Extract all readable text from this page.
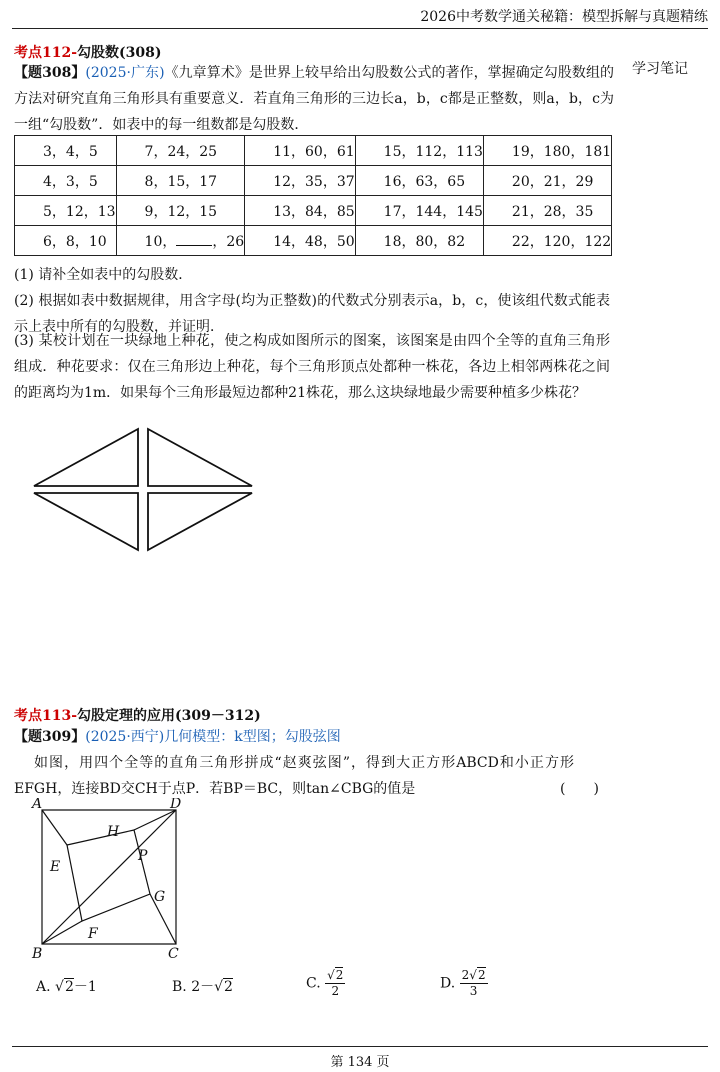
2026中考数学通关秘籍：模型拆解与真题精练
学习笔记
考点112-勾股数(308)
【题308】(2025·广东)《九章算术》是世界上较早给出勾股数公式的著作，掌握确定勾股数组的方法对研究直角三角形具有重要意义．若直角三角形的三边长a，b，c都是正整数，则a，b，c为一组“勾股数”．如表中的每一组数都是勾股数．
3，4，5	7，24，25	11，60，61	15，112，113	19，180，181
4，3，5	8，15，17	12，35，37	16，63，65	20，21，29
5，12，13	9，12，15	13，84，85	17，144，145	21，28，35
6，8，10	10， ，26	14，48，50	18，80，82	22，120，122
(1) 请补全如表中的勾股数．
(2) 根据如表中数据规律，用含字母(均为正整数)的代数式分别表示a，b，c，使该组代数式能表示上表中所有的勾股数，并证明．
(3) 某校计划在一块绿地上种花，使之构成如图所示的图案，该图案是由四个全等的直角三角形组成．种花要求：仅在三角形边上种花，每个三角形顶点处都种一株花，各边上相邻两株花之间的距离均为1m．如果每个三角形最短边都种21株花，那么这块绿地最少需要种植多少株花？
考点113-勾股定理的应用(309－312)
【题309】(2025·西宁)几何模型：k型图；勾股弦图
如图，用四个全等的直角三角形拼成“赵爽弦图”，得到大正方形ABCD和小正方形EFGH，连接BD交CH于点P．若BP＝BC，则tan∠CBG的值是	(　　)
A	D
B	C
E
F
G
H
P
A. √2－1	B. 2－√2	C. $\frac{√2}{2}$	D. $\frac{2√2}{3}$
第 134 页
